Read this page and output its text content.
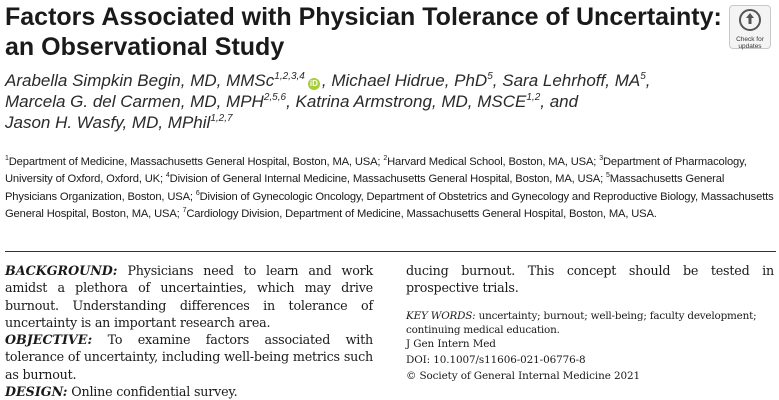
Factors Associated with Physician Tolerance of Uncertainty:
an Observational Study	Check for
updates
Arabella Simpkin Begin, MD, MMSc$^{1,2,3,4}$iD , Michael Hidrue, PhD$^5$, Sara Lehrhoff, $MA^5$,
Marcela G. del Carmen, MD, MPH$^{2,5,6}$, Katrina Armstrong, MD, MSCE$^{1,2}$, and
Jason H. Wasfy, MD, MPhil$^{1,2,7}$
$^1$Department of Medicine, Massachusetts General Hospital, Boston, MA, USA; $^2$Harvard Medical School, Boston, MA, USA; $^3$Department of Pharmacology, University of Oxford, Oxford, UK; $^4$Division of General Internal Medicine, Massachusetts General Hospital, Boston, MA, USA; $^5$Massachusetts General Physicians Organization, Boston, USA; $^6$Division of Gynecologic Oncology, Department of Obstetrics and Gynecology and Reproductive Biology, Massachusetts General Hospital, Boston, MA, USA; $^7$Cardiology Division, Department of Medicine, Massachusetts General Hospital, Boston, MA, USA.

BACKGROUND: Physicians need to learn and work amidst a plethora of uncertainties, which may drive burnout. Understanding differences in tolerance of uncertainty is an important research area.

OBJECTIVE: To examine factors associated with tolerance of uncertainty, including well-being metrics such as burnout.

DESIGN: Online confidential survey.

ducing burnout. This concept should be tested in prospective trials.

KEY WORDS: uncertainty; burnout; well-being; faculty development; continuing medical education.
J Gen Intern Med
DOI: 10.1007/s11606-021-06776-8
© Society of General Internal Medicine 2021
